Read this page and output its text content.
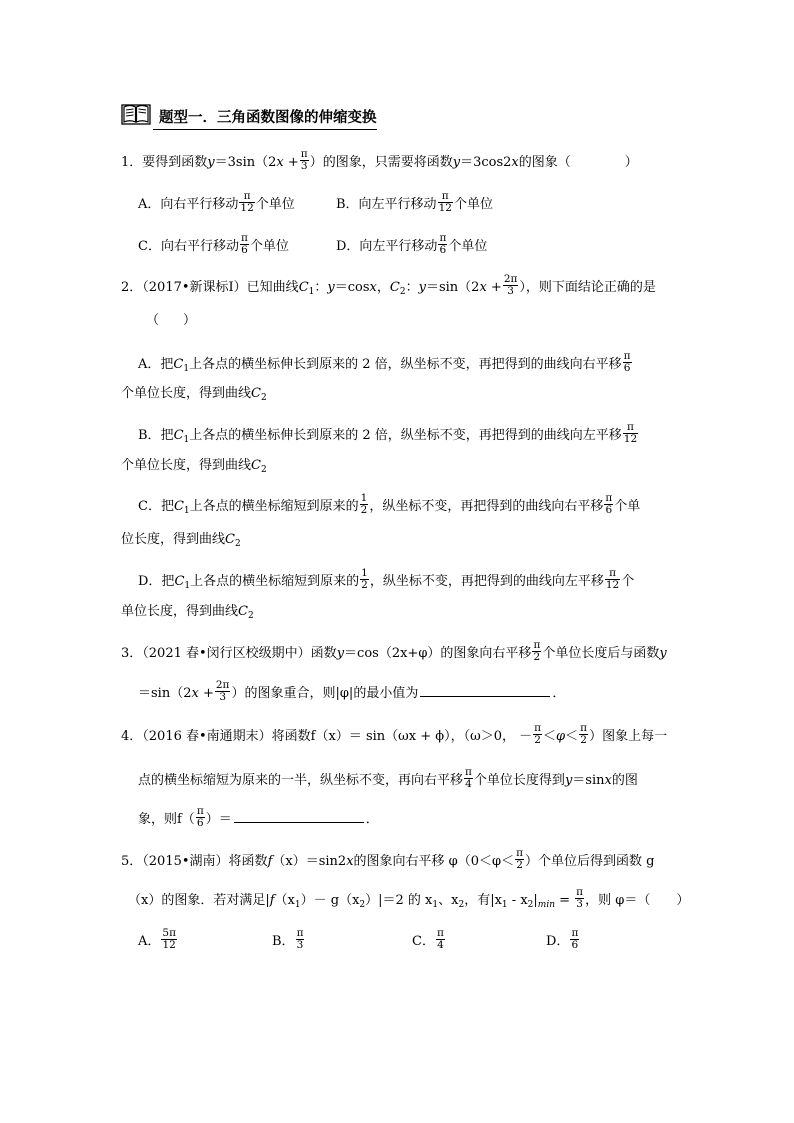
题型一．三角函数图像的伸缩变换
1．要得到函数$y=3\sin(2x + \frac{\pi}{3}$ ）的图象，只需要将函数y＝3cos2x的图象（	）
A．向右平行移动 $\frac{\pi}{12}$ 个单位	B．向左平行移动 $\frac{\pi}{12}$ 个单位
C．向右平行移动 $\frac{\pi}{6}$ 个单位	D．向左平行移动 $\frac{\pi}{6}$ 个单位
2．（2017•新课标Ⅰ）已知曲线$C_1$：y＝cosx，$C_2$：$y=\sin(2x + \frac{2\pi}{3}$ ），则下面结论正确的是
（ ）
A．把$C_1$上各点的横坐标伸长到原来的 2 倍，纵坐标不变，再把得到的曲线向右平移 $\frac{\pi}{6}$
个单位长度，得到曲线$C_2$
B．把$C_1$上各点的横坐标伸长到原来的 2 倍，纵坐标不变，再把得到的曲线向左平移 $\frac{\pi}{12}$
个单位长度，得到曲线$C_2$
C．把$C_1$上各点的横坐标缩短到原来的 $\frac{1}{2}$ ，纵坐标不变，再把得到的曲线向右平移 $\frac{\pi}{6}$ 个单
位长度，得到曲线$C_2$
D．把$C_1$上各点的横坐标缩短到原来的 $\frac{1}{2}$ ，纵坐标不变，再把得到的曲线向左平移 $\frac{\pi}{12}$ 个
单位长度，得到曲线$C_2$
3．（2021 春•闵行区校级期中）函数y＝cos（2x+φ）的图象向右平移 $\frac{\pi}{2}$ 个单位长度后与函数y
$=\sin(2x + \frac{2\pi}{3}$ ）的图象重合，则|φ|的最小值为	．
4．（2016 春•南通期末）将函数f（x）＝ sin（ωx + ϕ），（ω＞0， － $\frac{\pi}{2} <\varphi< \frac{\pi}{2}$ ）图象上每一
点的横坐标缩短为原来的一半，纵坐标不变，再向右平移 $\frac{\pi}{4}$ 个单位长度得到y＝sinx的图
象，则$f( \frac{\pi}{6}$ ）＝	．
5．（2015•湖南）将函数f（x）＝sin2x的图象向右平移 $\varphi(0<\varphi< \frac{\pi}{2}$ ）个单位后得到函数 g
（x）的图象．若对满足$|f(x_1)- g(x_2)|=2$ 的 $x_1$、$x_2$，有$|x_1 - x_2|_{min} = \frac{\pi}{3}$ ，则 φ＝（ ）
A． $\frac{5\pi}{12}$	B． $\frac{\pi}{3}$	C． $\frac{\pi}{4}$	D． $\frac{\pi}{6}$
